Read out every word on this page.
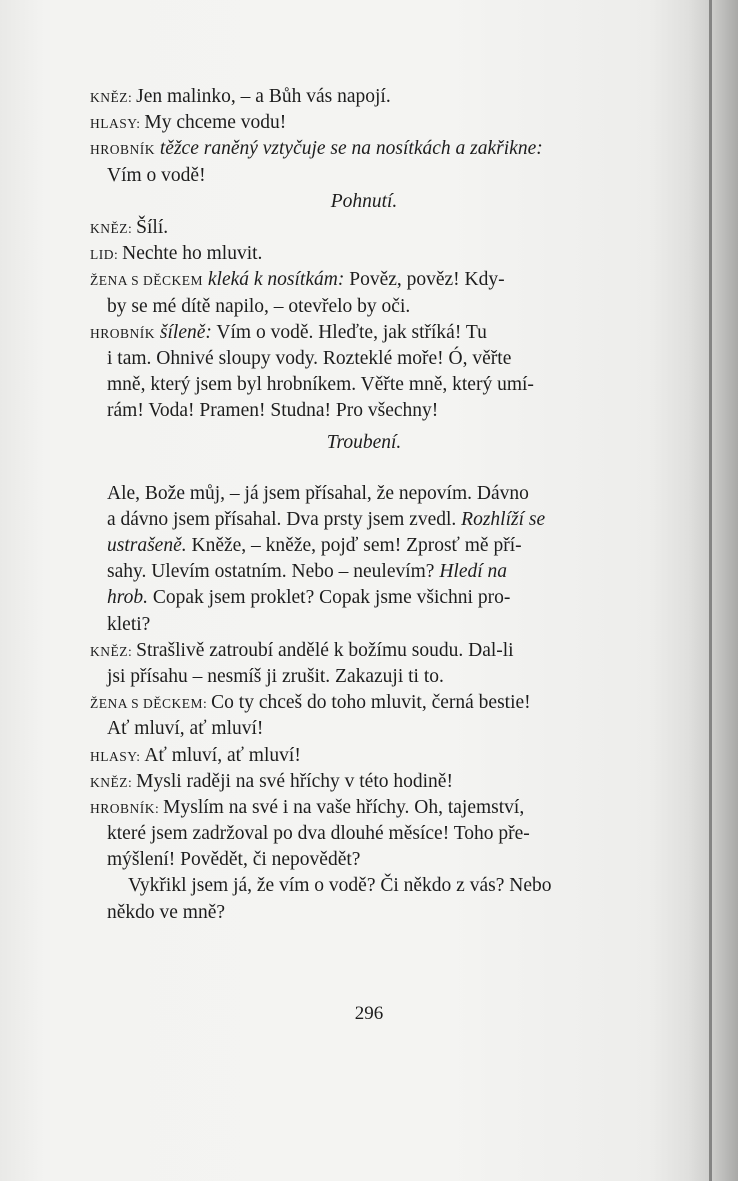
KNĚZ: Jen malinko, – a Bůh vás napojí.
HLASY: My chceme vodu!
HROBNÍK těžce raněný vztyčuje se na nosítkách a zakřikne:
Vím o vodě!
Pohnutí.
KNĚZ: Šílí.
LID: Nechte ho mluvit.
ŽENA S DĚCKEM kleká k nosítkám: Pověz, pověz! Kdy-
by se mé dítě napilo, – otevřelo by oči.
HROBNÍK šíleně: Vím o vodě. Hleďte, jak stříká! Tu
i tam. Ohnivé sloupy vody. Rozteklé moře! Ó, věřte
mně, který jsem byl hrobníkem. Věřte mně, který umí-
rám! Voda! Pramen! Studna! Pro všechny!
Troubení.
Ale, Bože můj, – já jsem přísahal, že nepovím. Dávno
a dávno jsem přísahal. Dva prsty jsem zvedl. Rozhlíží se
ustrašeně. Kněže, – kněže, pojď sem! Zprosť mě pří-
sahy. Ulevím ostatním. Nebo – neulevím? Hledí na
hrob. Copak jsem proklet? Copak jsme všichni pro-
kleti?
KNĚZ: Strašlivě zatroubí andělé k božímu soudu. Dal-li
jsi přísahu – nesmíš ji zrušit. Zakazuji ti to.
ŽENA S DĚCKEM: Co ty chceš do toho mluvit, černá bestie!
Ať mluví, ať mluví!
HLASY: Ať mluví, ať mluví!
KNĚZ: Mysli raději na své hříchy v této hodině!
HROBNÍK: Myslím na své i na vaše hříchy. Oh, tajemství,
které jsem zadržoval po dva dlouhé měsíce! Toho pře-
mýšlení! Povědět, či nepovědět?
Vykřikl jsem já, že vím o vodě? Či někdo z vás? Nebo
někdo ve mně?
296
